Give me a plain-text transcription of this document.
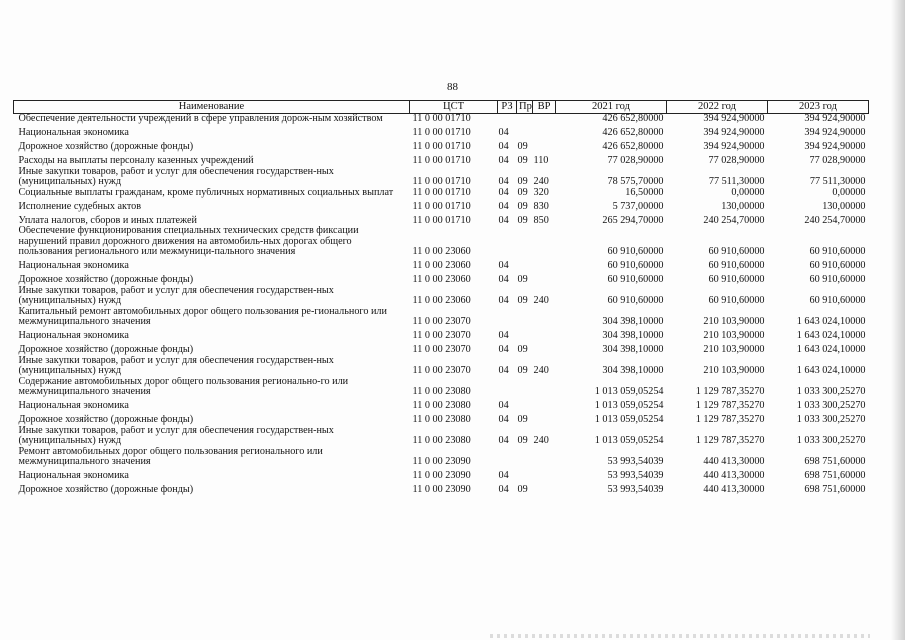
88
Наименование	ЦСТ	РЗ	Пр	ВР	2021 год	2022 год	2023 год
Обеспечение деятельности учреждений в сфере управления дорож-ным хозяйством	11 0 00 01710				426 652,80000	394 924,90000	394 924,90000
Национальная экономика	11 0 00 01710	04			426 652,80000	394 924,90000	394 924,90000
Дорожное хозяйство (дорожные фонды)	11 0 00 01710	04	09		426 652,80000	394 924,90000	394 924,90000
Расходы на выплаты персоналу казенных учреждений	11 0 00 01710	04	09	110	77 028,90000	77 028,90000	77 028,90000
Иные закупки товаров, работ и услуг для обеспечения государствен-ных (муниципальных) нужд	11 0 00 01710	04	09	240	78 575,70000	77 511,30000	77 511,30000
Социальные выплаты гражданам, кроме публичных нормативных социальных выплат	11 0 00 01710	04	09	320	16,50000	0,00000	0,00000
Исполнение судебных актов	11 0 00 01710	04	09	830	5 737,00000	130,00000	130,00000
Уплата налогов, сборов и иных платежей	11 0 00 01710	04	09	850	265 294,70000	240 254,70000	240 254,70000
Обеспечение функционирования специальных технических средств фиксации нарушений правил дорожного движения на автомобиль-ных дорогах общего пользования регионального или межмуници-пального значения	11 0 00 23060				60 910,60000	60 910,60000	60 910,60000
Национальная экономика	11 0 00 23060	04			60 910,60000	60 910,60000	60 910,60000
Дорожное хозяйство (дорожные фонды)	11 0 00 23060	04	09		60 910,60000	60 910,60000	60 910,60000
Иные закупки товаров, работ и услуг для обеспечения государствен-ных (муниципальных) нужд	11 0 00 23060	04	09	240	60 910,60000	60 910,60000	60 910,60000
Капитальный ремонт автомобильных дорог общего пользования ре-гионального или межмуниципального значения	11 0 00 23070				304 398,10000	210 103,90000	1 643 024,10000
Национальная экономика	11 0 00 23070	04			304 398,10000	210 103,90000	1 643 024,10000
Дорожное хозяйство (дорожные фонды)	11 0 00 23070	04	09		304 398,10000	210 103,90000	1 643 024,10000
Иные закупки товаров, работ и услуг для обеспечения государствен-ных (муниципальных) нужд	11 0 00 23070	04	09	240	304 398,10000	210 103,90000	1 643 024,10000
Содержание автомобильных дорог общего пользования регионально-го или межмуниципального значения	11 0 00 23080				1 013 059,05254	1 129 787,35270	1 033 300,25270
Национальная экономика	11 0 00 23080	04			1 013 059,05254	1 129 787,35270	1 033 300,25270
Дорожное хозяйство (дорожные фонды)	11 0 00 23080	04	09		1 013 059,05254	1 129 787,35270	1 033 300,25270
Иные закупки товаров, работ и услуг для обеспечения государствен-ных (муниципальных) нужд	11 0 00 23080	04	09	240	1 013 059,05254	1 129 787,35270	1 033 300,25270
Ремонт автомобильных дорог общего пользования регионального или межмуниципального значения	11 0 00 23090				53 993,54039	440 413,30000	698 751,60000
Национальная экономика	11 0 00 23090	04			53 993,54039	440 413,30000	698 751,60000
Дорожное хозяйство (дорожные фонды)	11 0 00 23090	04	09		53 993,54039	440 413,30000	698 751,60000
